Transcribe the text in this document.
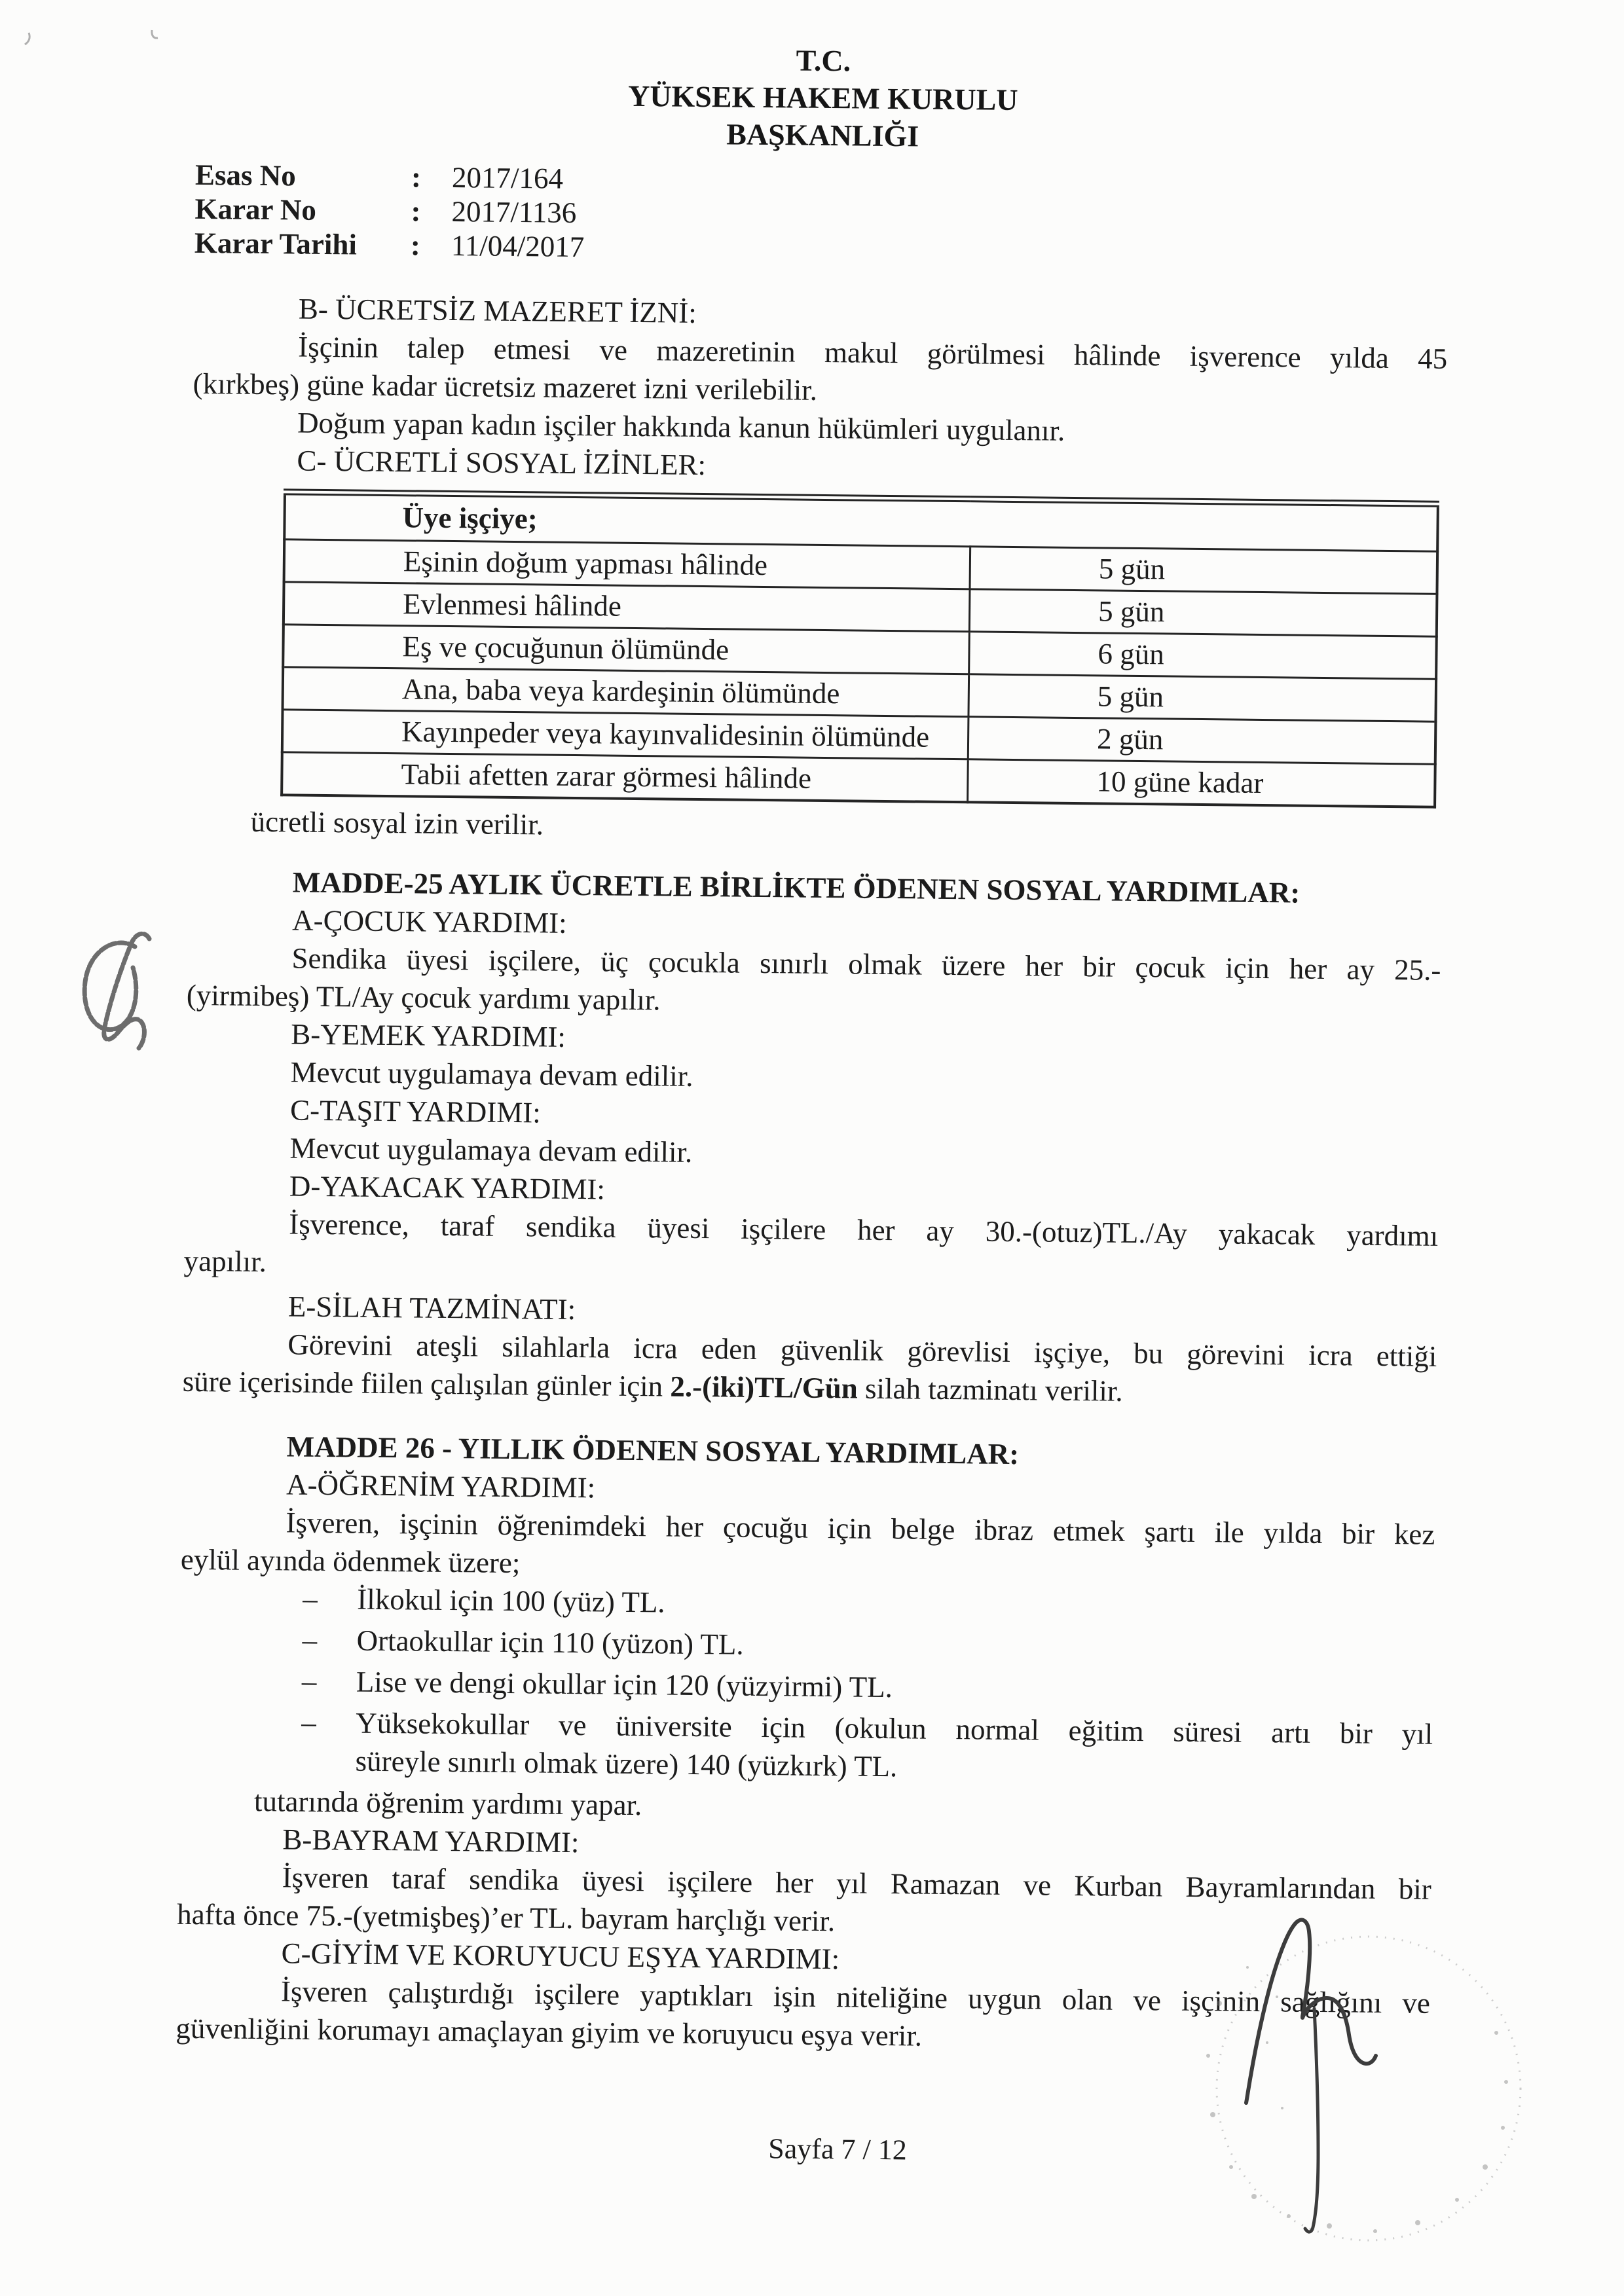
T.C.
YÜKSEK HAKEM KURULU
BAŞKANLIĞI
Esas No	:	2017/164
Karar No	:	2017/1136
Karar Tarihi	:	11/04/2017
B- ÜCRETSİZ MAZERET İZNİ:
İşçinin talep etmesi ve mazeretinin makul görülmesi hâlinde işverence yılda 45
(kırkbeş) güne kadar ücretsiz mazeret izni verilebilir.
Doğum yapan kadın işçiler hakkında kanun hükümleri uygulanır.
C- ÜCRETLİ SOSYAL İZİNLER:
Üye işçiye;	
Eşinin doğum yapması hâlinde	5 gün
Evlenmesi hâlinde	5 gün
Eş ve çocuğunun ölümünde	6 gün
Ana, baba veya kardeşinin ölümünde	5 gün
Kayınpeder veya kayınvalidesinin ölümünde	2 gün
Tabii afetten zarar görmesi hâlinde	10 güne kadar
ücretli sosyal izin verilir.
MADDE-25 AYLIK ÜCRETLE BİRLİKTE ÖDENEN SOSYAL YARDIMLAR:
A-ÇOCUK YARDIMI:
Sendika üyesi işçilere, üç çocukla sınırlı olmak üzere her bir çocuk için her ay 25.-
(yirmibeş) TL/Ay çocuk yardımı yapılır.
B-YEMEK YARDIMI:
Mevcut uygulamaya devam edilir.
C-TAŞIT YARDIMI:
Mevcut uygulamaya devam edilir.
D-YAKACAK YARDIMI:
İşverence, taraf sendika üyesi işçilere her ay 30.-(otuz)TL./Ay yakacak yardımı
yapılır.
E-SİLAH TAZMİNATI:
Görevini ateşli silahlarla icra eden güvenlik görevlisi işçiye, bu görevini icra ettiği
süre içerisinde fiilen çalışılan günler için 2.-(iki)TL/Gün silah tazminatı verilir.
MADDE 26 - YILLIK ÖDENEN SOSYAL YARDIMLAR:
A-ÖĞRENİM YARDIMI:
İşveren, işçinin öğrenimdeki her çocuğu için belge ibraz etmek şartı ile yılda bir kez
eylül ayında ödenmek üzere;
– İlkokul için 100 (yüz) TL.
– Ortaokullar için 110 (yüzon) TL.
– Lise ve dengi okullar için 120 (yüzyirmi) TL.
– Yüksekokullar ve üniversite için (okulun normal eğitim süresi artı bir yıl
süreyle sınırlı olmak üzere) 140 (yüzkırk) TL.
tutarında öğrenim yardımı yapar.
B-BAYRAM YARDIMI:
İşveren taraf sendika üyesi işçilere her yıl Ramazan ve Kurban Bayramlarından bir
hafta önce 75.-(yetmişbeş)’er TL. bayram harçlığı verir.
C-GİYİM VE KORUYUCU EŞYA YARDIMI:
İşveren çalıştırdığı işçilere yaptıkları işin niteliğine uygun olan ve işçinin sağlığını ve
güvenliğini korumayı amaçlayan giyim ve koruyucu eşya verir.
Sayfa 7 / 12
